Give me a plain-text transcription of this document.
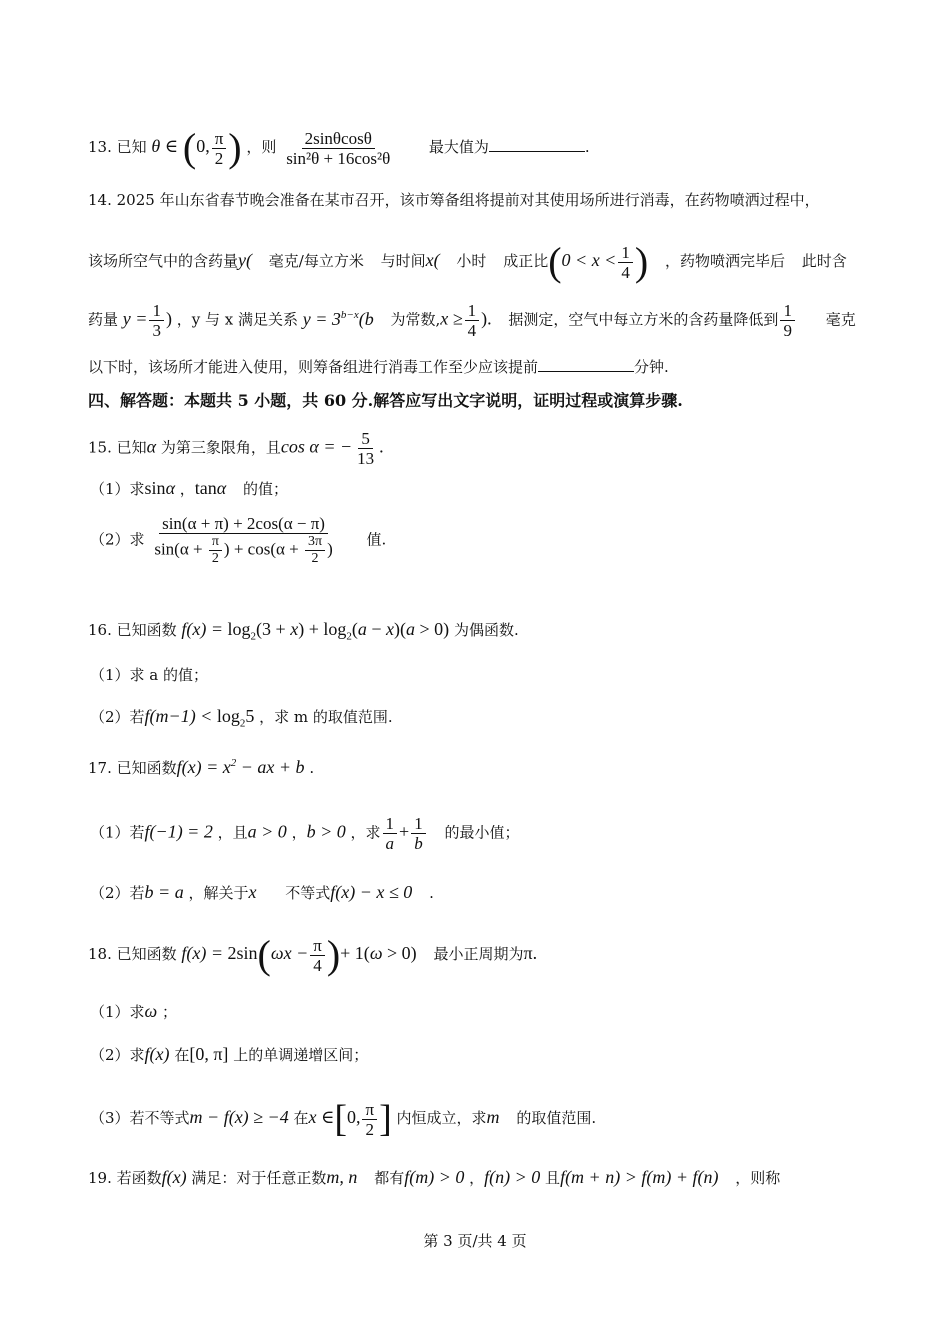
13. 已知 θ ∈ (0, $\frac{\pi}{2}$ ) ，则 $\frac{2\sin\theta\cos\theta}{\text{sin²θ + 16cos²θ}}$ 最大值为	.
14. 2025 年山东省春节晚会准备在某市召开，该市筹备组将提前对其使用场所进行消毒，在药物喷洒过程中，
该场所空气中的含药量y( 毫克/每立方米 与时间x( 小时 成正比($0 < x < \frac{1}{4}$ ) ，药物喷洒完毕后 此时含
药量 $y = \frac{1}{3}$ ) ，y 与 x 满足关系 $y = 3^{b-x}(b$ 为常数$,x \ge \frac{1}{4}$ ). 据测定，空气中每立方米的含药量降低到 $\frac{1}{9}$ 毫克
以下时，该场所才能进入使用，则筹备组进行消毒工作至少应该提前	分钟.
四、解答题：本题共 5 小题，共 60 分.解答应写出文字说明，证明过程或演算步骤.
15. 已知α 为第三象限角，且cos α = − $\frac{5}{13}$ .
（1）求sinα ，tanα 的值；
（2）求 $\frac{\sin(\alpha + \pi) + 2\cos(\alpha - \pi)}{\sin(\alpha + \frac{\pi}{2} ) + \cos(\alpha + \frac{3\pi}{2} )}$ 值.
16. 已知函数 $f(x) = \log_2(3 + x) + \log_2(a - x)(a > 0)$ 为偶函数.
（1）求 a 的值；
（2）若$f(m-1) < \log_25$ ，求 m 的取值范围.
17. 已知函数$f(x) = x^2$ − ax + b .
（1）若f(−1) = 2 ，且a > 0 ，b > 0 ，求 $\frac{1}{a} + \frac{1}{b}$ 的最小值；
（2）若b = a ，解关于x 不等式f(x) − x ≤ 0 .
18. 已知函数 $f(x) = 2\sin(\omega x - \frac{\pi}{4}$ )+ 1(ω > 0) 最小正周期为π.
（1）求ω ；
（2）求f(x) 在[0, π] 上的单调递增区间；
（3）若不等式m − f(x) ≥ −4 在x ∈[0, $\frac{\pi}{2}$ ] 内恒成立，求m 的取值范围.
19. 若函数f(x) 满足：对于任意正数m, n 都有f(m) > 0 ，f(n) > 0 且f(m + n) > f(m) + f(n) ，则称
第 3 页/共 4 页
